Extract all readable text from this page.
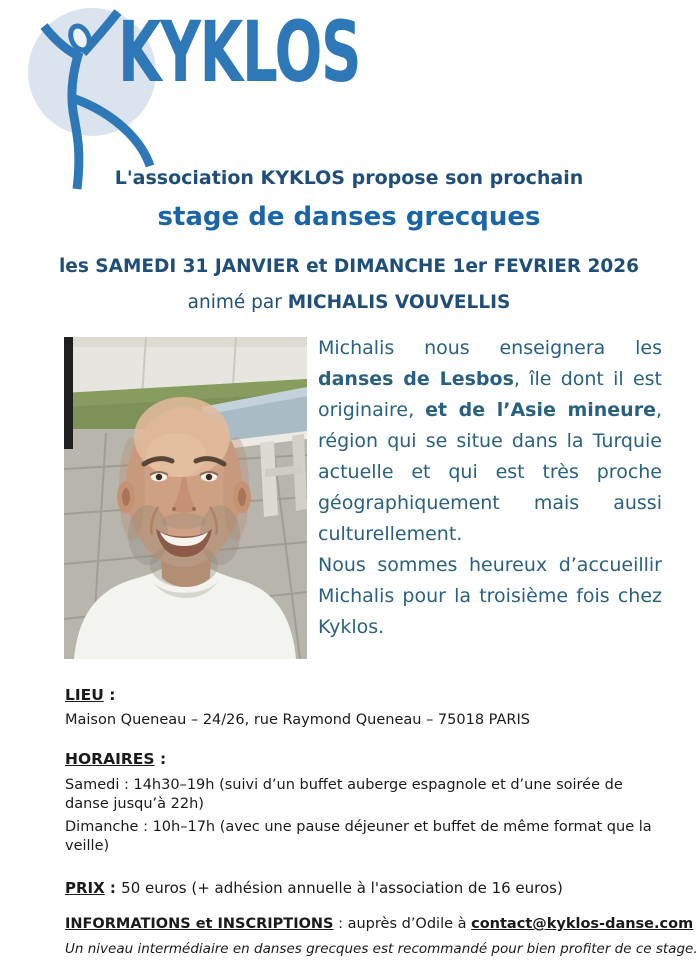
KYKLOS
L'association KYKLOS propose son prochain
stage de danses grecques
les SAMEDI 31 JANVIER et DIMANCHE 1er FEVRIER 2026
animé par MICHALIS VOUVELLIS
Michalis nous enseignera les danses de Lesbos, île dont il est originaire, et de l’Asie mineure, région qui se situe dans la Turquie actuelle et qui est très proche géographiquement mais aussi culturellement.
Nous sommes heureux d’accueillir Michalis pour la troisième fois chez Kyklos.
LIEU :
Maison Queneau – 24/26, rue Raymond Queneau – 75018 PARIS
HORAIRES :
Samedi : 14h30–19h (suivi d’un buffet auberge espagnole et d’une soirée de danse jusqu’à 22h)
Dimanche : 10h–17h (avec une pause déjeuner et buffet de même format que la veille)
PRIX : 50 euros (+ adhésion annuelle à l'association de 16 euros)
INFORMATIONS et INSCRIPTIONS : auprès d’Odile à contact@kyklos-danse.com
Un niveau intermédiaire en danses grecques est recommandé pour bien profiter de ce stage.
